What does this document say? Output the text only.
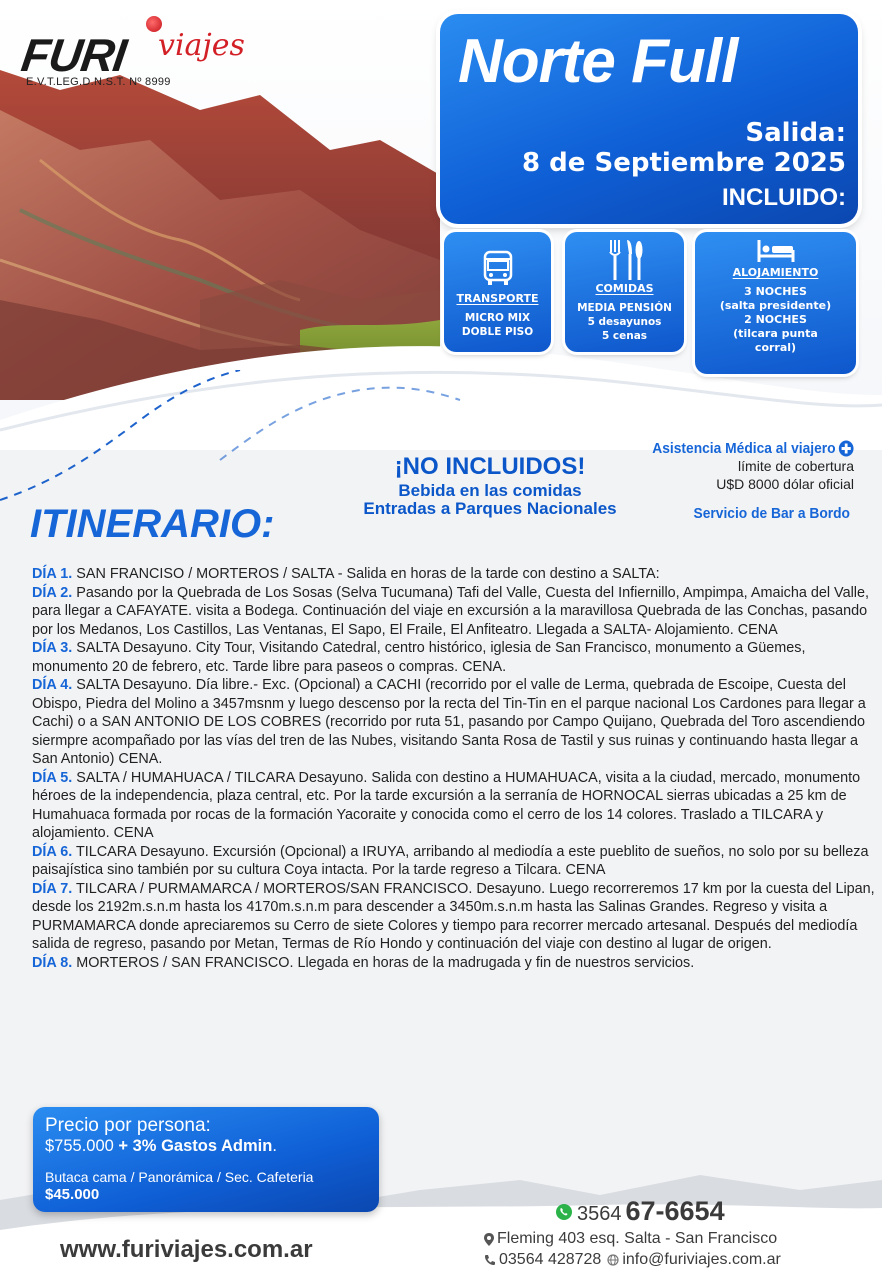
FURI viajes
E.V.T.LEG.D.N.S.T. Nº 8999	Norte Full
Salida:
8 de Septiembre 2025
INCLUIDO:
TRANSPORTE
MICRO MIX
DOBLE PISO
COMIDAS
MEDIA PENSIÓN
5 desayunos
5 cenas
ALOJAMIENTO
3 NOCHES
(salta presidente)
2 NOCHES
(tilcara punta
corral)
¡NO INCLUIDOS!
Bebida en las comidas
Entradas a Parques Nacionales
Asistencia Médica al viajero
límite de cobertura
U$D 8000 dólar oficial
Servicio de Bar a Bordo
ITINERARIO:

DÍA 1. SAN FRANCISO / MORTEROS / SALTA - Salida en horas de la tarde con destino a SALTA:

DÍA 2. Pasando por la Quebrada de Los Sosas (Selva Tucumana) Tafi del Valle, Cuesta del Infiernillo, Ampimpa, Amaicha del Valle, para llegar a CAFAYATE. visita a Bodega. Continuación del viaje en excursión a la maravillosa Quebrada de las Conchas, pasando por los Medanos, Los Castillos, Las Ventanas, El Sapo, El Fraile, El Anfiteatro. Llegada a SALTA- Alojamiento. CENA

DÍA 3. SALTA Desayuno. City Tour, Visitando Catedral, centro histórico, iglesia de San Francisco, monumento a Güemes, monumento 20 de febrero, etc. Tarde libre para paseos o compras. CENA.

DÍA 4. SALTA Desayuno. Día libre.- Exc. (Opcional) a CACHI (recorrido por el valle de Lerma, quebrada de Escoipe, Cuesta del Obispo, Piedra del Molino a 3457msnm y luego descenso por la recta del Tin-Tin en el parque nacional Los Cardones para llegar a Cachi) o a SAN ANTONIO DE LOS COBRES (recorrido por ruta 51, pasando por Campo Quijano, Quebrada del Toro ascendiendo siermpre acompañado por las vías del tren de las Nubes, visitando Santa Rosa de Tastil y sus ruinas y continuando hasta llegar a San Antonio) CENA.

DÍA 5. SALTA / HUMAHUACA / TILCARA Desayuno. Salida con destino a HUMAHUACA, visita a la ciudad, mercado, monumento héroes de la independencia, plaza central, etc. Por la tarde excursión a la serranía de HORNOCAL sierras ubicadas a 25 km de Humahuaca formada por rocas de la formación Yacoraite y conocida como el cerro de los 14 colores. Traslado a TILCARA y alojamiento. CENA

DÍA 6. TILCARA Desayuno. Excursión (Opcional) a IRUYA, arribando al mediodía a este pueblito de sueños, no solo por su belleza paisajística sino también por su cultura Coya intacta. Por la tarde regreso a Tilcara. CENA

DÍA 7. TILCARA / PURMAMARCA / MORTEROS/SAN FRANCISCO. Desayuno. Luego recorreremos 17 km por la cuesta del Lipan, desde los 2192m.s.n.m hasta los 4170m.s.n.m para descender a 3450m.s.n.m hasta las Salinas Grandes. Regreso y visita a PURMAMARCA donde apreciaremos su Cerro de siete Colores y tiempo para recorrer mercado artesanal. Después del mediodía salida de regreso, pasando por Metan, Termas de Río Hondo y continuación del viaje con destino al lugar de origen.

DÍA 8. MORTEROS / SAN FRANCISCO. Llegada en horas de la madrugada y fin de nuestros servicios.

Precio por persona:
$755.000 + 3% Gastos Admin.
Butaca cama / Panorámica / Sec. Cafeteria
$45.000
www.furiviajes.com.ar
3564 67-6654
Fleming 403 esq. Salta - San Francisco
03564 428728 info@furiviajes.com.ar
